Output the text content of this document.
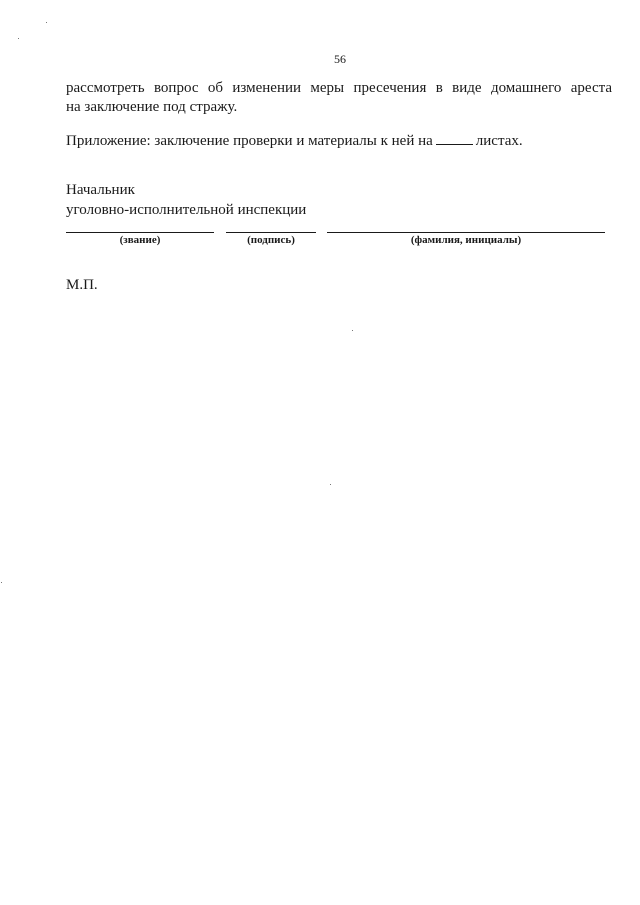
56
рассмотреть вопрос об изменении меры пресечения в виде домашнего ареста
на заключение под стражу.
Приложение: заключение проверки и материалы к ней на	листах.
Начальник
уголовно-исполнительной инспекции
(звание)	(подпись)	(фамилия, инициалы)
М.П.
